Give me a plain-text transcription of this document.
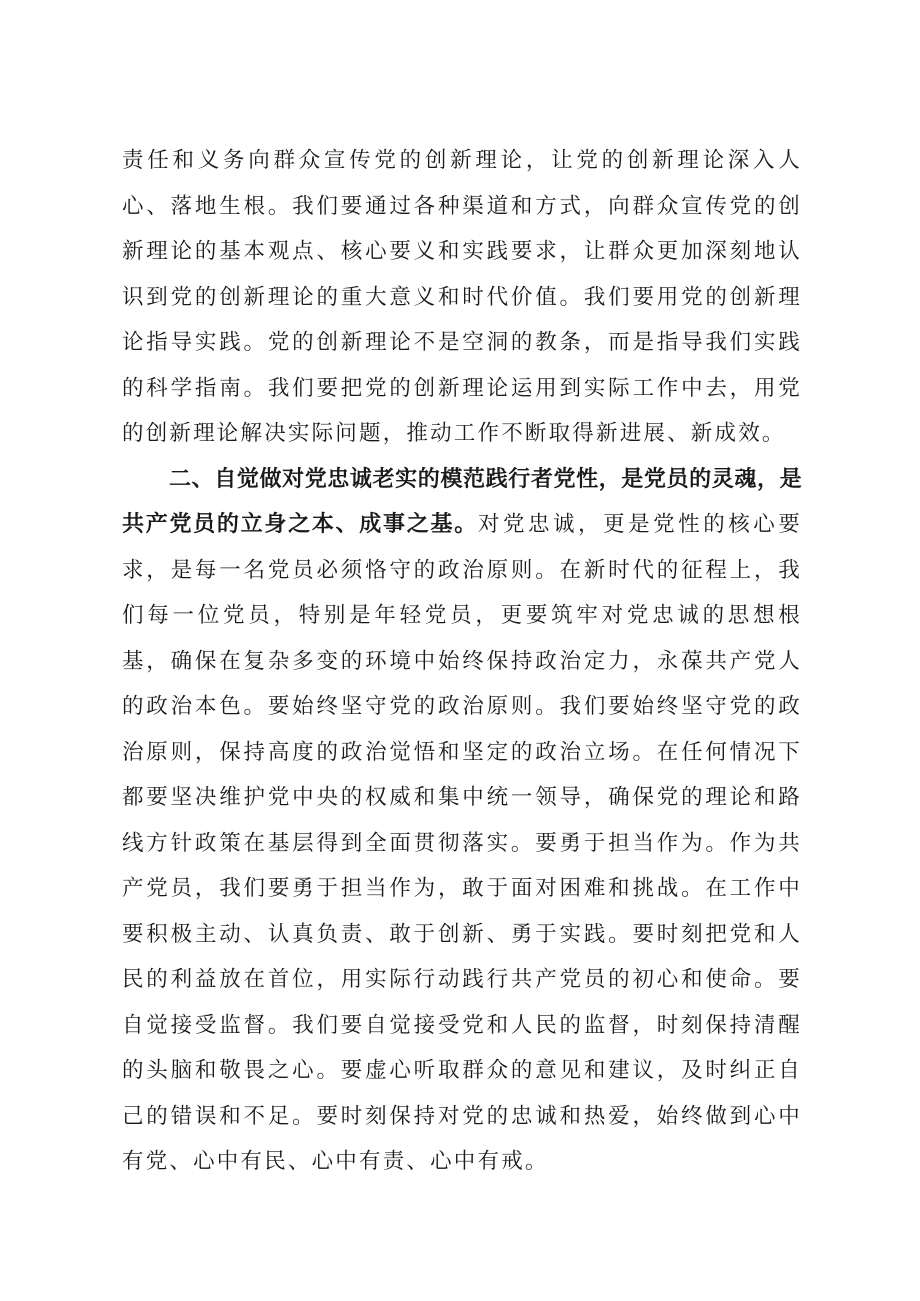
责任和义务向群众宣传党的创新理论，让党的创新理论深入人心、落地生根。我们要通过各种渠道和方式，向群众宣传党的创新理论的基本观点、核心要义和实践要求，让群众更加深刻地认识到党的创新理论的重大意义和时代价值。我们要用党的创新理论指导实践。党的创新理论不是空洞的教条，而是指导我们实践的科学指南。我们要把党的创新理论运用到实际工作中去，用党的创新理论解决实际问题，推动工作不断取得新进展、新成效。

二、自觉做对党忠诚老实的模范践行者党性，是党员的灵魂，是共产党员的立身之本、成事之基。对党忠诚，更是党性的核心要求，是每一名党员必须恪守的政治原则。在新时代的征程上，我们每一位党员，特别是年轻党员，更要筑牢对党忠诚的思想根基，确保在复杂多变的环境中始终保持政治定力，永葆共产党人的政治本色。要始终坚守党的政治原则。我们要始终坚守党的政治原则，保持高度的政治觉悟和坚定的政治立场。在任何情况下都要坚决维护党中央的权威和集中统一领导，确保党的理论和路线方针政策在基层得到全面贯彻落实。要勇于担当作为。作为共产党员，我们要勇于担当作为，敢于面对困难和挑战。在工作中要积极主动、认真负责、敢于创新、勇于实践。要时刻把党和人民的利益放在首位，用实际行动践行共产党员的初心和使命。要自觉接受监督。我们要自觉接受党和人民的监督，时刻保持清醒的头脑和敬畏之心。要虚心听取群众的意见和建议，及时纠正自己的错误和不足。要时刻保持对党的忠诚和热爱，始终做到心中有党、心中有民、心中有责、心中有戒。
